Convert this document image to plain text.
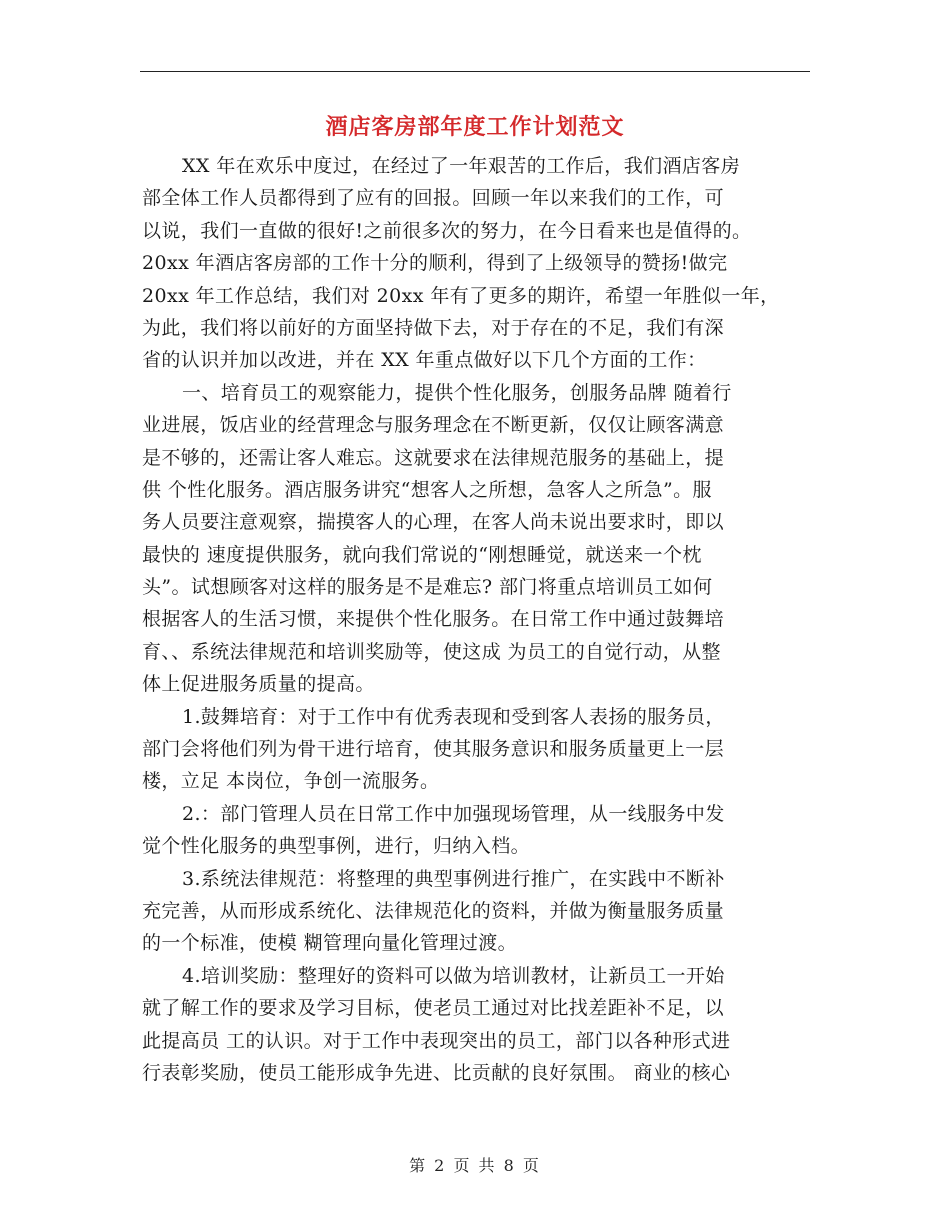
酒店客房部年度工作计划范文
XX 年在欢乐中度过，在经过了一年艰苦的工作后，我们酒店客房
部全体工作人员都得到了应有的回报。回顾一年以来我们的工作，可
以说，我们一直做的很好!之前很多次的努力，在今日看来也是值得的。
20xx 年酒店客房部的工作十分的顺利，得到了上级领导的赞扬!做完
20xx 年工作总结，我们对 20xx 年有了更多的期许，希望一年胜似一年，
为此，我们将以前好的方面坚持做下去，对于存在的不足，我们有深
省的认识并加以改进，并在 XX 年重点做好以下几个方面的工作：
一、培育员工的观察能力，提供个性化服务，创服务品牌 随着行
业进展，饭店业的经营理念与服务理念在不断更新，仅仅让顾客满意
是不够的，还需让客人难忘。这就要求在法律规范服务的基础上，提
供 个性化服务。酒店服务讲究“想客人之所想，急客人之所急”。服
务人员要注意观察，揣摸客人的心理，在客人尚未说出要求时，即以
最快的 速度提供服务，就向我们常说的“刚想睡觉，就送来一个枕
头”。试想顾客对这样的服务是不是难忘? 部门将重点培训员工如何
根据客人的生活习惯，来提供个性化服务。在日常工作中通过鼓舞培
育、、系统法律规范和培训奖励等，使这成 为员工的自觉行动，从整
体上促进服务质量的提高。
1.鼓舞培育：对于工作中有优秀表现和受到客人表扬的服务员，
部门会将他们列为骨干进行培育，使其服务意识和服务质量更上一层
楼，立足 本岗位，争创一流服务。
2.：部门管理人员在日常工作中加强现场管理，从一线服务中发
觉个性化服务的典型事例，进行，归纳入档。
3.系统法律规范：将整理的典型事例进行推广，在实践中不断补
充完善，从而形成系统化、法律规范化的资料，并做为衡量服务质量
的一个标准，使模 糊管理向量化管理过渡。
4.培训奖励：整理好的资料可以做为培训教材，让新员工一开始
就了解工作的要求及学习目标，使老员工通过对比找差距补不足，以
此提高员 工的认识。对于工作中表现突出的员工，部门以各种形式进
行表彰奖励，使员工能形成争先进、比贡献的良好氛围。 商业的核心
第 2 页 共 8 页
